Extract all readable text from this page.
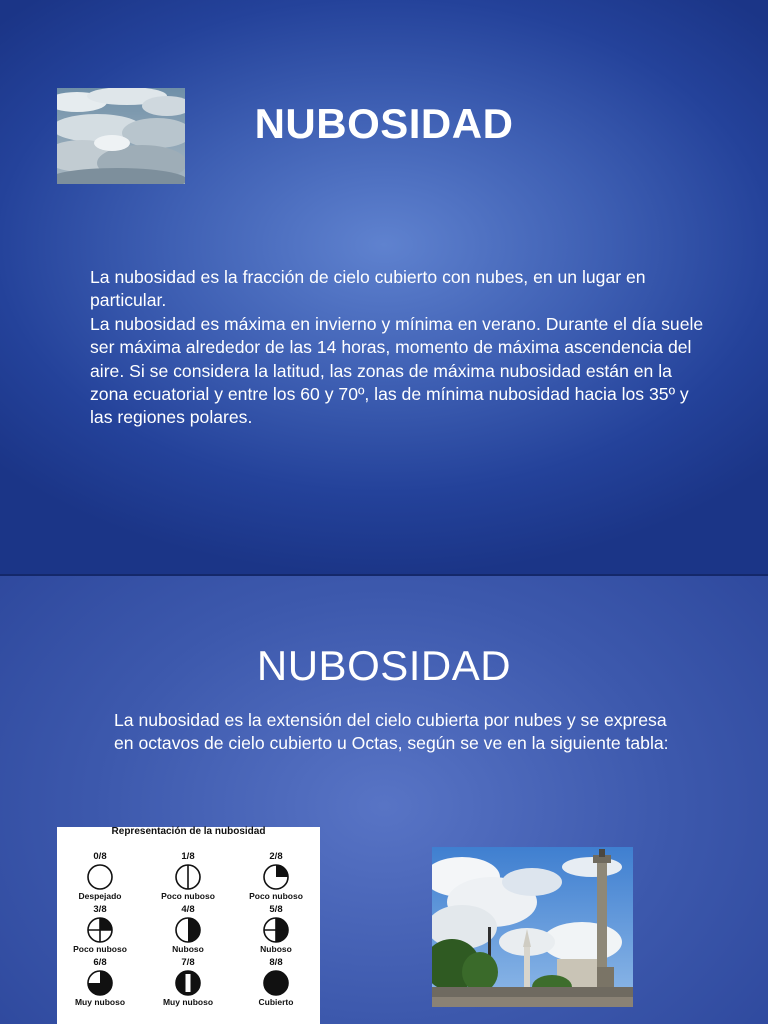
NUBOSIDAD

La nubosidad es la fracción de cielo cubierto con nubes, en un lugar en particular.

La nubosidad es máxima en invierno y mínima en verano. Durante el día suele ser máxima alrededor de las 14 horas, momento de máxima ascendencia del aire. Si se considera la latitud, las zonas de máxima nubosidad están en la zona ecuatorial y entre los 60 y 70º, las de mínima nubosidad hacia los 35º y las regiones polares.

NUBOSIDAD
La nubosidad es la extensión del cielo cubierta por nubes y se expresa en octavos de cielo cubierto u Octas, según se ve en la siguiente tabla:
Representación de la nubosidad
0/8
Despejado
1/8
Poco nuboso
2/8
Poco nuboso
3/8
Poco nuboso
4/8
Nuboso
5/8
Nuboso
6/8
Muy nuboso
7/8
Muy nuboso
8/8
Cubierto
